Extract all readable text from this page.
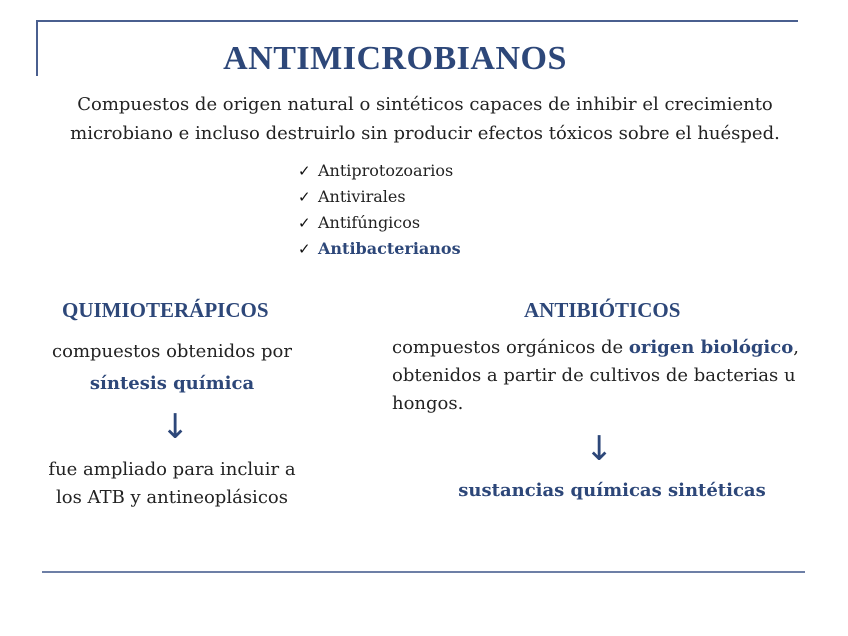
ANTIMICROBIANOS
Compuestos de origen natural o sintéticos capaces de inhibir el crecimiento
microbiano e incluso destruirlo sin producir efectos tóxicos sobre el huésped.
✓ Antiprotozoarios
✓ Antivirales
✓ Antifúngicos
✓ Antibacterianos
QUIMIOTERÁPICOS
compuestos obtenidos por
síntesis química
↓
fue ampliado para incluir a
los ATB y antineoplásicos
ANTIBIÓTICOS
compuestos orgánicos de origen biológico,
obtenidos a partir de cultivos de bacterias u
hongos.
↓
sustancias químicas sintéticas
